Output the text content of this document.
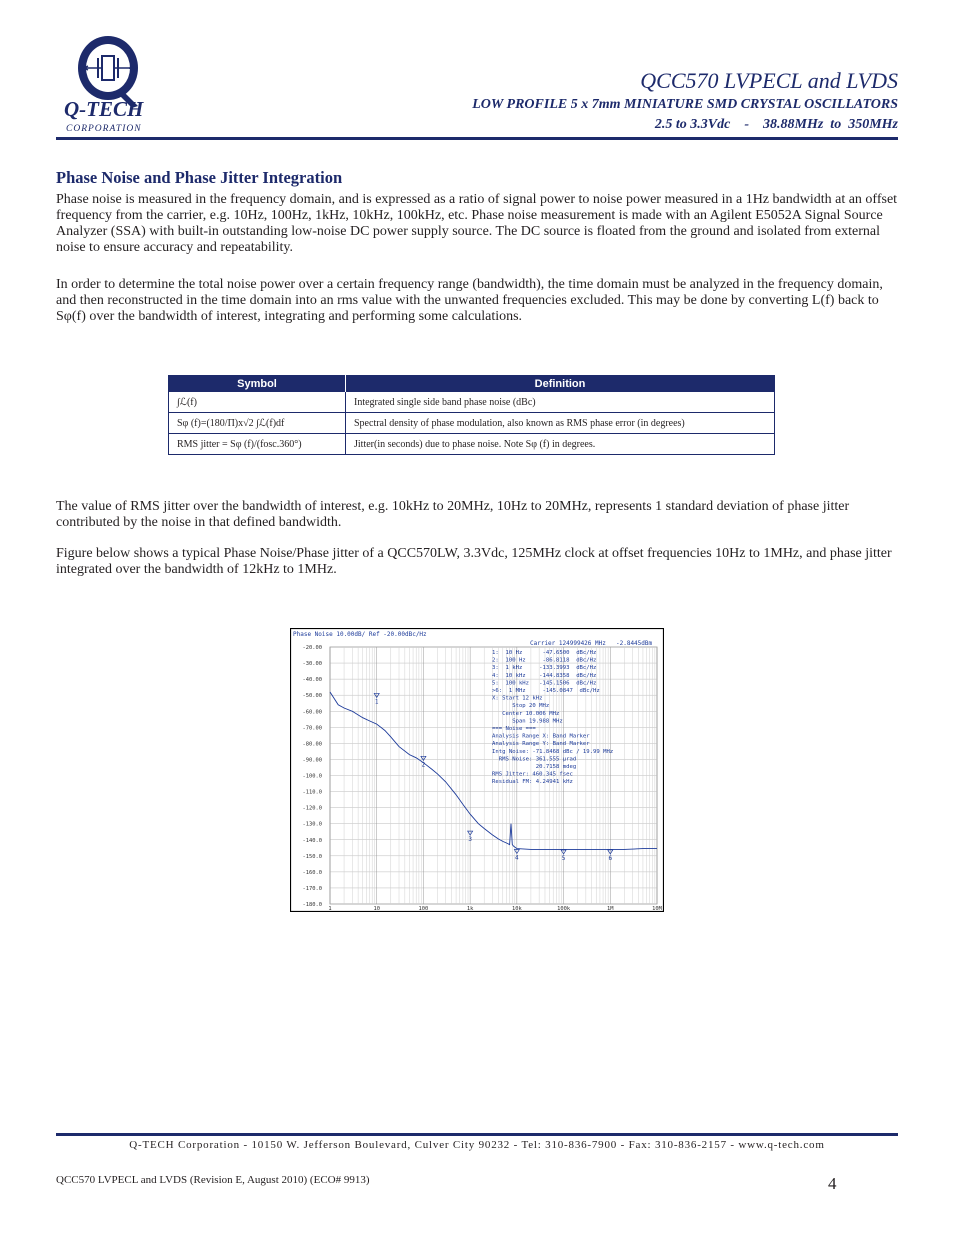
∿
Q-TECH
CORPORATION
QCC570 LVPECL and LVDS
LOW PROFILE 5 x 7mm MINIATURE SMD CRYSTAL OSCILLATORS
2.5 to 3.3Vdc    -    38.88MHz  to  350MHz
Phase Noise and Phase Jitter Integration
Phase noise is measured in the frequency domain, and is expressed as a ratio of signal power to noise power measured in a 1Hz bandwidth at an offset frequency from the carrier, e.g. 10Hz, 100Hz, 1kHz, 10kHz, 100kHz, etc. Phase noise measurement is made with an Agilent E5052A Signal Source Analyzer (SSA) with built-in outstanding low-noise DC power supply source. The DC source is floated from the ground and isolated from external noise to ensure accuracy and repeatability.
In order to determine the total noise power over a certain frequency range (bandwidth), the time domain must be analyzed in the frequency domain, and then reconstructed in the time domain into an rms value with the unwanted frequencies excluded. This may be done by converting L(f) back to Sφ(f) over the bandwidth of interest, integrating and performing some calculations.
Symbol	Definition
∫ℒ(f)	Integrated single side band phase noise (dBc)
Sφ (f)=(180/Π)x√2 ∫ℒ(f)df	Spectral density of phase modulation, also known as RMS phase error (in degrees)
RMS jitter = Sφ (f)/(fosc.360°)	Jitter(in seconds) due to phase noise. Note Sφ (f) in degrees.
The value of RMS jitter over the bandwidth of interest, e.g. 10kHz to 20MHz, 10Hz to 20MHz, represents 1 standard deviation of phase jitter contributed by the noise in that defined bandwidth.
Figure below shows a typical Phase Noise/Phase jitter of a QCC570LW, 3.3Vdc, 125MHz clock at offset frequencies 10Hz to 1MHz, and phase jitter integrated over the bandwidth of 12kHz to 1MHz.
-20.00
-30.00
-40.00
-50.00
-60.00
-70.00
-80.00
-90.00
-100.0
-110.0
-120.0
-130.0
-140.0
-150.0
-160.0
-170.0
-180.0
1	10	100	1k	10k	100k	1M	10M
1
2
3
4	5	6
1:  10 Hz      -47.6500  dBc/Hz
2:  100 Hz     -86.8118  dBc/Hz
3:  1 kHz     -133.3993  dBc/Hz
4:  10 kHz    -144.8358  dBc/Hz
5:  100 kHz   -145.1506  dBc/Hz
>6:  1 MHz     -145.0847  dBc/Hz
X: Start 12 kHz
Stop 20 MHz
Center 10.006 MHz
Span 19.988 MHz
=== Noise ===
Analysis Range X: Band Marker
Analysis Range Y: Band Marker
Intg Noise: -71.8468 dBc / 19.99 MHz
RMS Noise: 361.555 µrad
20.7158 mdeg
RMS Jitter: 460.345 fsec
Residual FM: 4.24941 kHz
Phase Noise 10.00dB/ Ref -20.00dBc/Hz
Carrier 124999426 MHz -2.8445dBm
Q-TECH Corporation - 10150 W. Jefferson Boulevard, Culver City 90232 - Tel: 310-836-7900 - Fax: 310-836-2157 - www.q-tech.com
QCC570 LVPECL and LVDS (Revision E, August 2010) (ECO# 9913)	4
